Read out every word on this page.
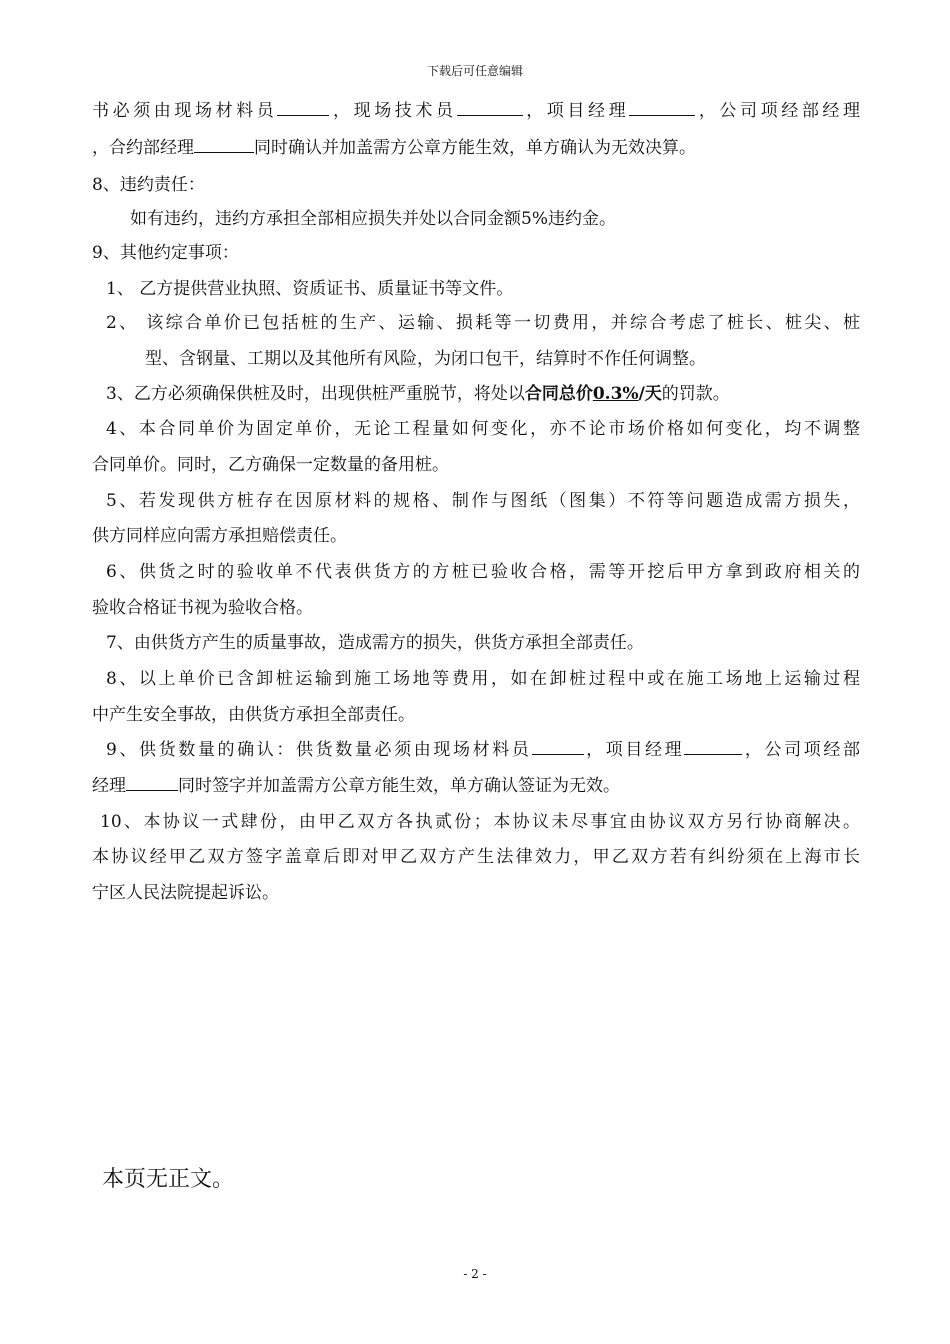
下载后可任意编辑
书必须由现场材料员	，现场技术员	，项目经理	，公司项经部经理
，合约部经理	同时确认并加盖需方公章方能生效，单方确认为无效决算。
8、违约责任：
如有违约，违约方承担全部相应损失并处以合同金额5%违约金。
9、其他约定事项：
1、 乙方提供营业执照、资质证书、质量证书等文件。
2、 该综合单价已包括桩的生产、运输、损耗等一切费用，并综合考虑了桩长、桩尖、桩
型、含钢量、工期以及其他所有风险，为闭口包干，结算时不作任何调整。
3、乙方必须确保供桩及时，出现供桩严重脱节，将处以合同总价0.3%/天的罚款。
4、本合同单价为固定单价，无论工程量如何变化，亦不论市场价格如何变化，均不调整
合同单价。同时，乙方确保一定数量的备用桩。
5、若发现供方桩存在因原材料的规格、制作与图纸（图集）不符等问题造成需方损失，
供方同样应向需方承担赔偿责任。
6、供货之时的验收单不代表供货方的方桩已验收合格，需等开挖后甲方拿到政府相关的
验收合格证书视为验收合格。
7、由供货方产生的质量事故，造成需方的损失，供货方承担全部责任。
8、以上单价已含卸桩运输到施工场地等费用，如在卸桩过程中或在施工场地上运输过程
中产生安全事故，由供货方承担全部责任。
9、供货数量的确认：供货数量必须由现场材料员	，项目经理	，公司项经部
经理	同时签字并加盖需方公章方能生效，单方确认签证为无效。
10、本协议一式肆份，由甲乙双方各执贰份；本协议未尽事宜由协议双方另行协商解决。
本协议经甲乙双方签字盖章后即对甲乙双方产生法律效力，甲乙双方若有纠纷须在上海市长
宁区人民法院提起诉讼。
本页无正文。
- 2 -
